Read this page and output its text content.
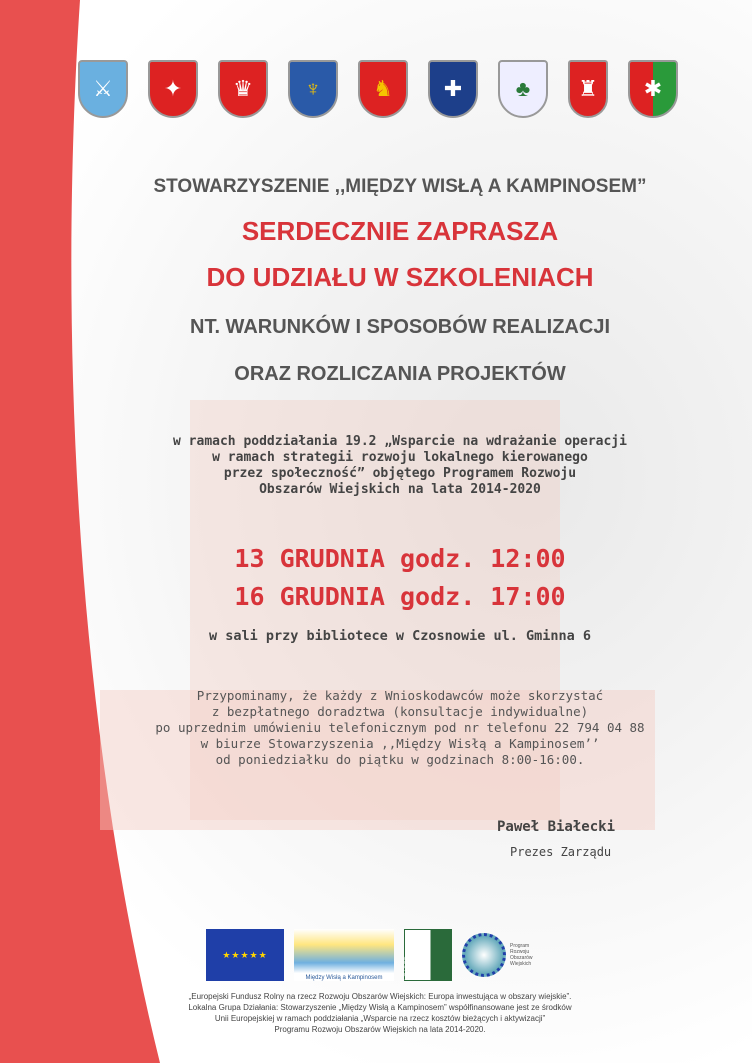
⚔	✦	♛	♆	♞	✚	♣	♜	✱
STOWARZYSZENIE ,,MIĘDZY WISŁĄ A KAMPINOSEM”
SERDECZNIE ZAPRASZA
DO UDZIAŁU W SZKOLENIACH
NT. WARUNKÓW I SPOSOBÓW REALIZACJI
ORAZ ROZLICZANIA PROJEKTÓW
w ramach poddziałania 19.2 „Wsparcie na wdrażanie operacji
w ramach strategii rozwoju lokalnego kierowanego
przez społeczność” objętego Programem Rozwoju
Obszarów Wiejskich na lata 2014-2020
13 GRUDNIA godz. 12:00
16 GRUDNIA godz. 17:00
w sali przy bibliotece w Czosnowie ul. Gminna 6
Przypominamy, że każdy z Wnioskodawców może skorzystać
z bezpłatnego doradztwa (konsultacje indywidualne)
po uprzednim umówieniu telefonicznym pod nr telefonu 22 794 04 88
w biurze Stowarzyszenia ,,Między Wisłą a Kampinosem’’
od poniedziałku do piątku w godzinach 8:00-16:00.
Paweł Białecki
Prezes Zarządu
★★★★★
Między Wisłą a Kampinosem	LEADER
Program Rozwoju Obszarów Wiejskich
„Europejski Fundusz Rolny na rzecz Rozwoju Obszarów Wiejskich: Europa inwestująca w obszary wiejskie”.
Lokalna Grupa Działania: Stowarzyszenie „Między Wisłą a Kampinosem” współfinansowane jest ze środków
Unii Europejskiej w ramach poddziałania „Wsparcie na rzecz kosztów bieżących i aktywizacji”
Programu Rozwoju Obszarów Wiejskich na lata 2014-2020.
